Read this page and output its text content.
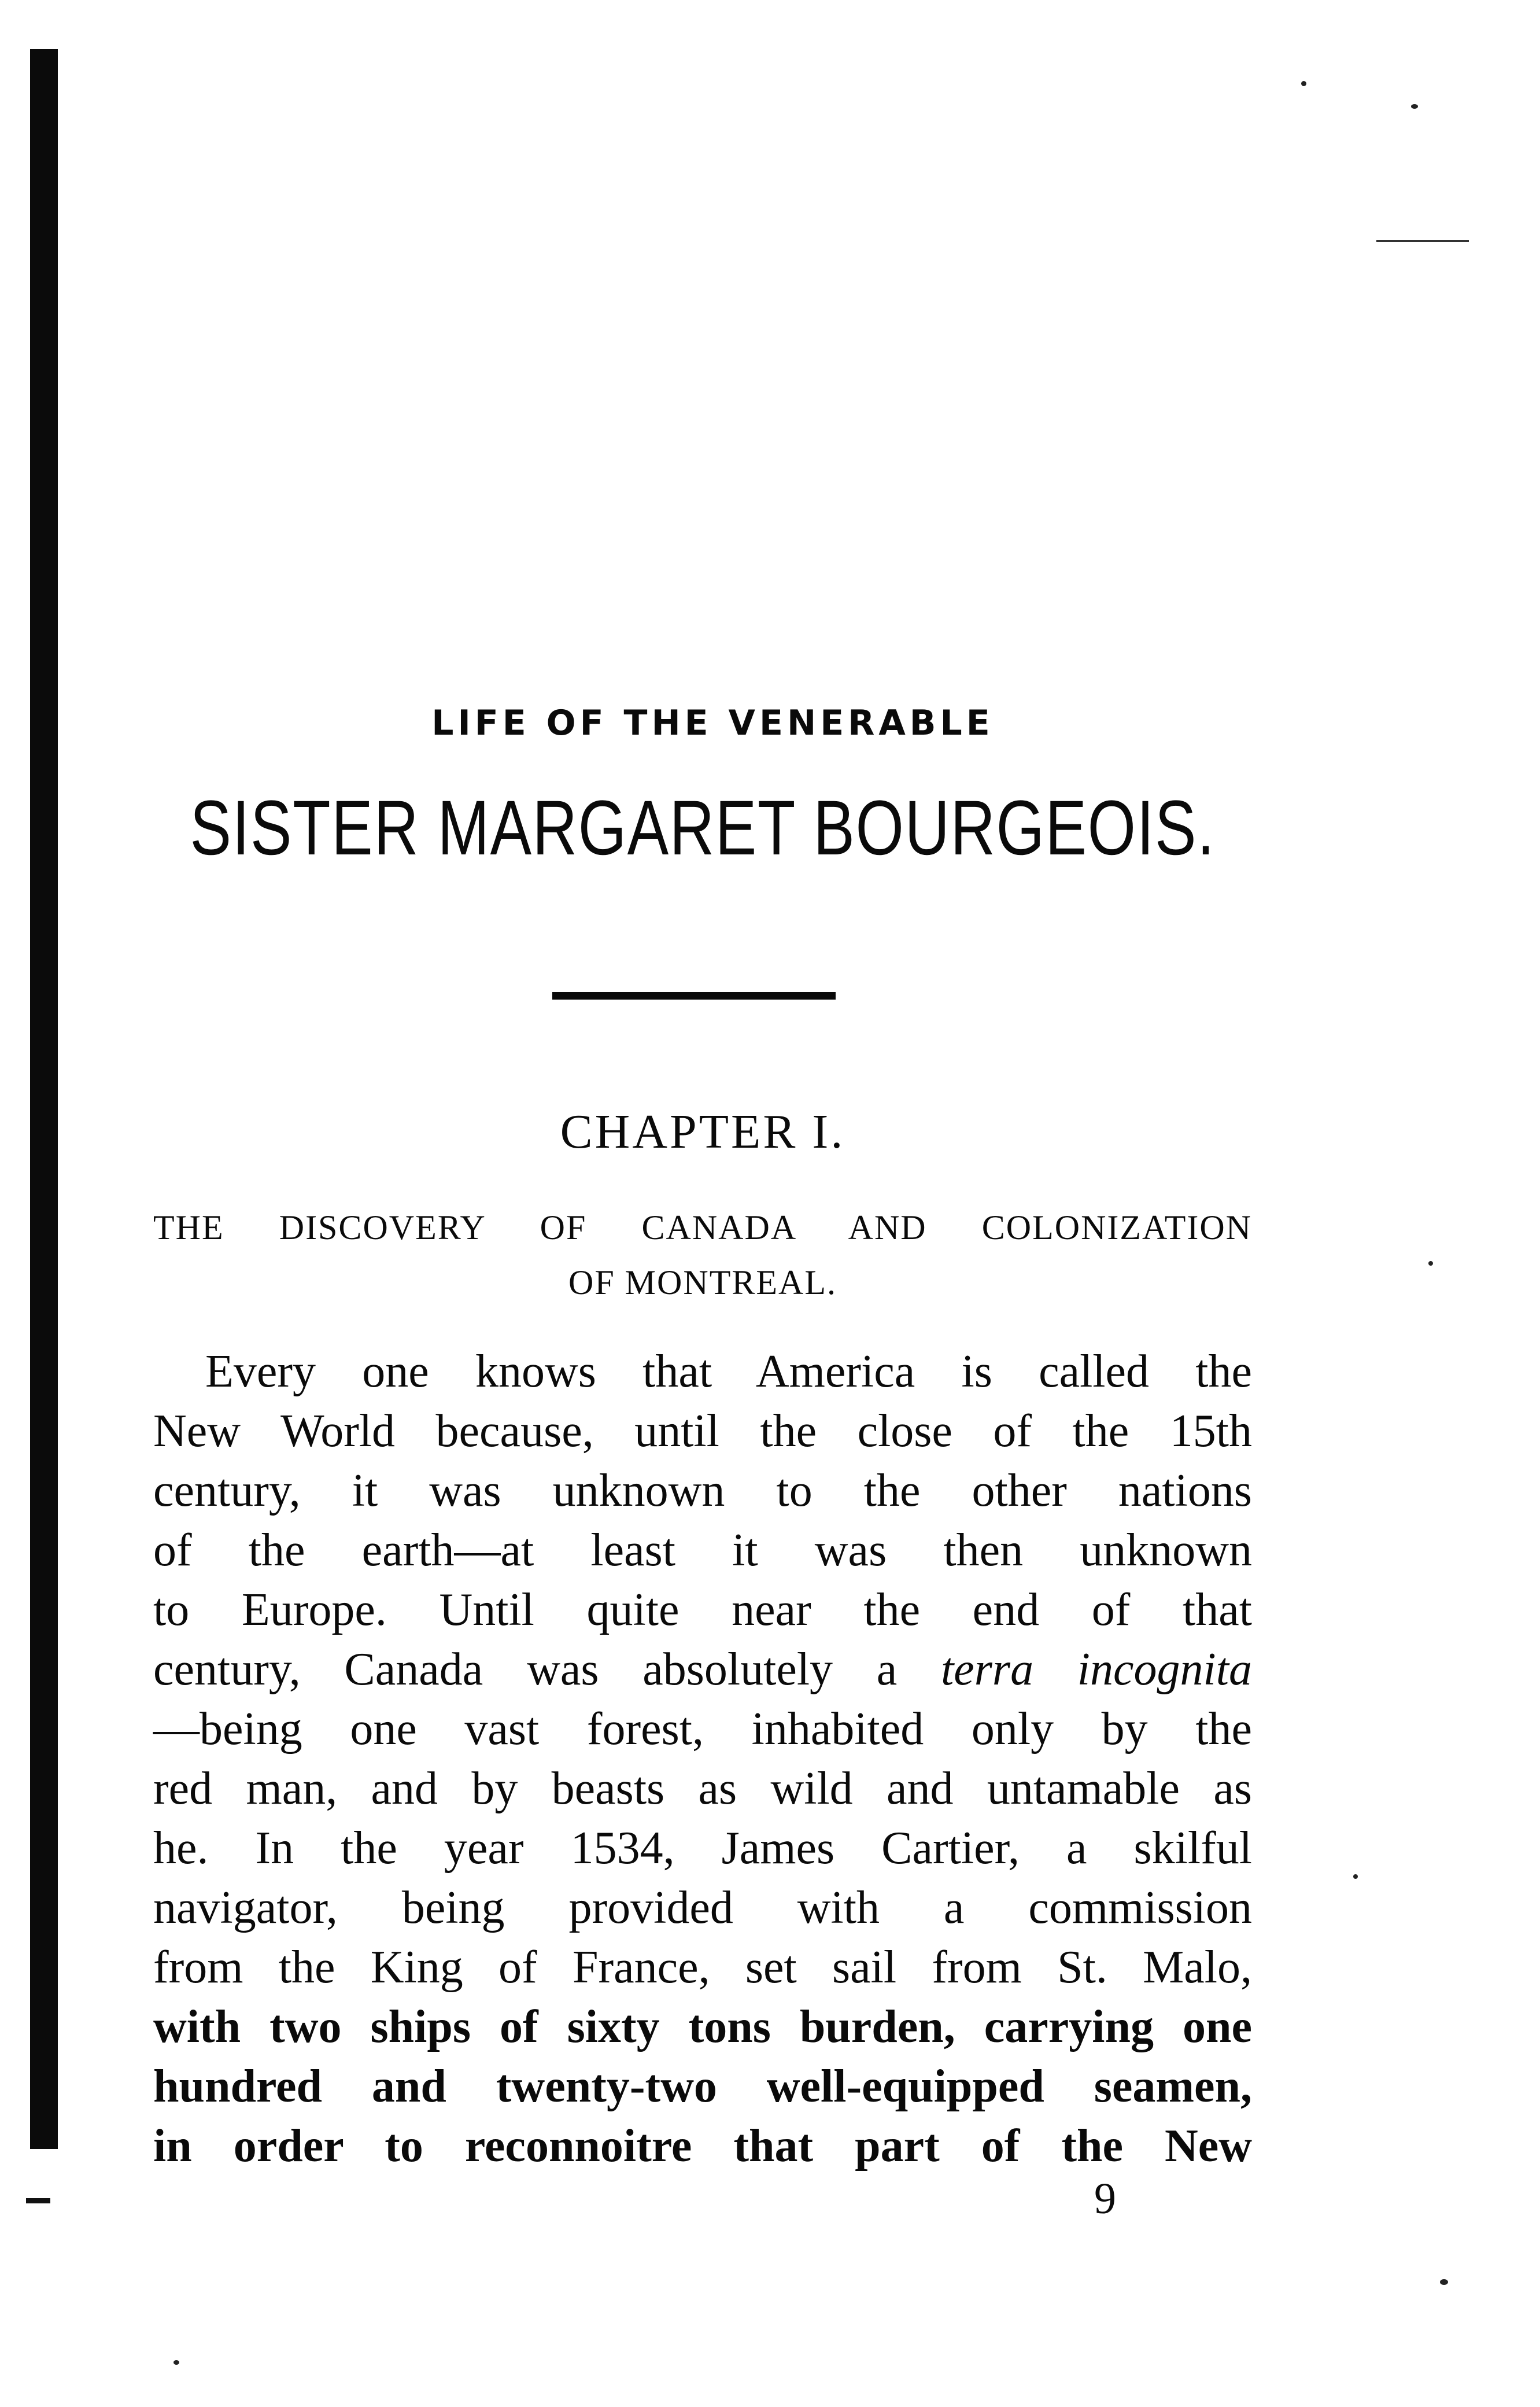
LIFE OF THE VENERABLE
SISTER MARGARET BOURGEOIS.
CHAPTER I.
THE DISCOVERY OF CANADA AND COLONIZATION
OF MONTREAL.
Every one knows that America is called the
New World because, until the close of the 15th
century, it was unknown to the other nations
of the earth—at least it was then unknown
to Europe. Until quite near the end of that
century, Canada was absolutely a terra incognita
—being one vast forest, inhabited only by the
red man, and by beasts as wild and untamable as
he. In the year 1534, James Cartier, a skilful
navigator, being provided with a commission
from the King of France, set sail from St. Malo,
with two ships of sixty tons burden, carrying one
hundred and twenty-two well-equipped seamen,
in order to reconnoitre that part of the New
9
